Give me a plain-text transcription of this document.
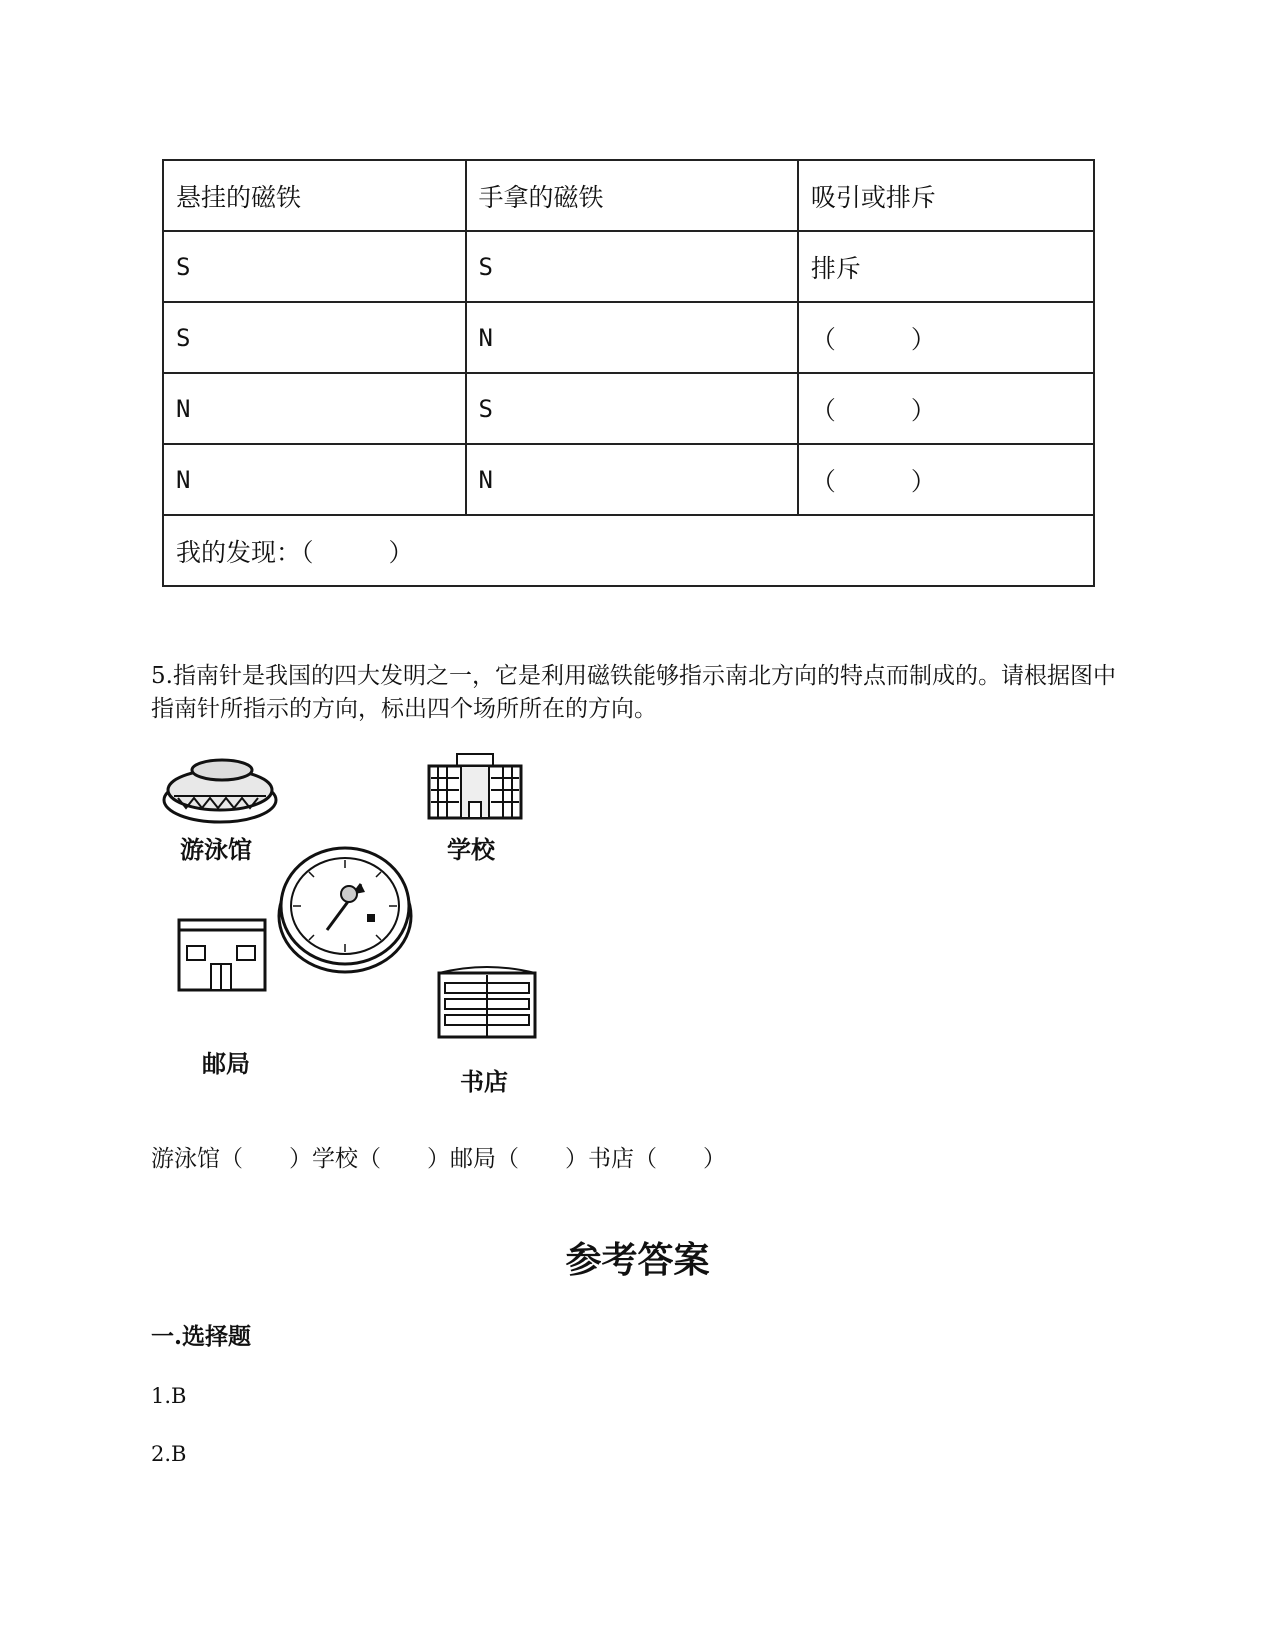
悬挂的磁铁	手拿的磁铁	吸引或排斥
S	S	排斥
S	N	（　　　）
N	S	（　　　）
N	N	（　　　）
我的发现：（　　　）		
5.指南针是我国的四大发明之一，它是利用磁铁能够指示南北方向的特点而制成的。请根据图中指南针所指示的方向，标出四个场所所在的方向。
游泳馆	学校
邮局
书店
游泳馆（　　）学校（　　）邮局（　　）书店（　　）
参考答案
一.选择题
1.B
2.B
